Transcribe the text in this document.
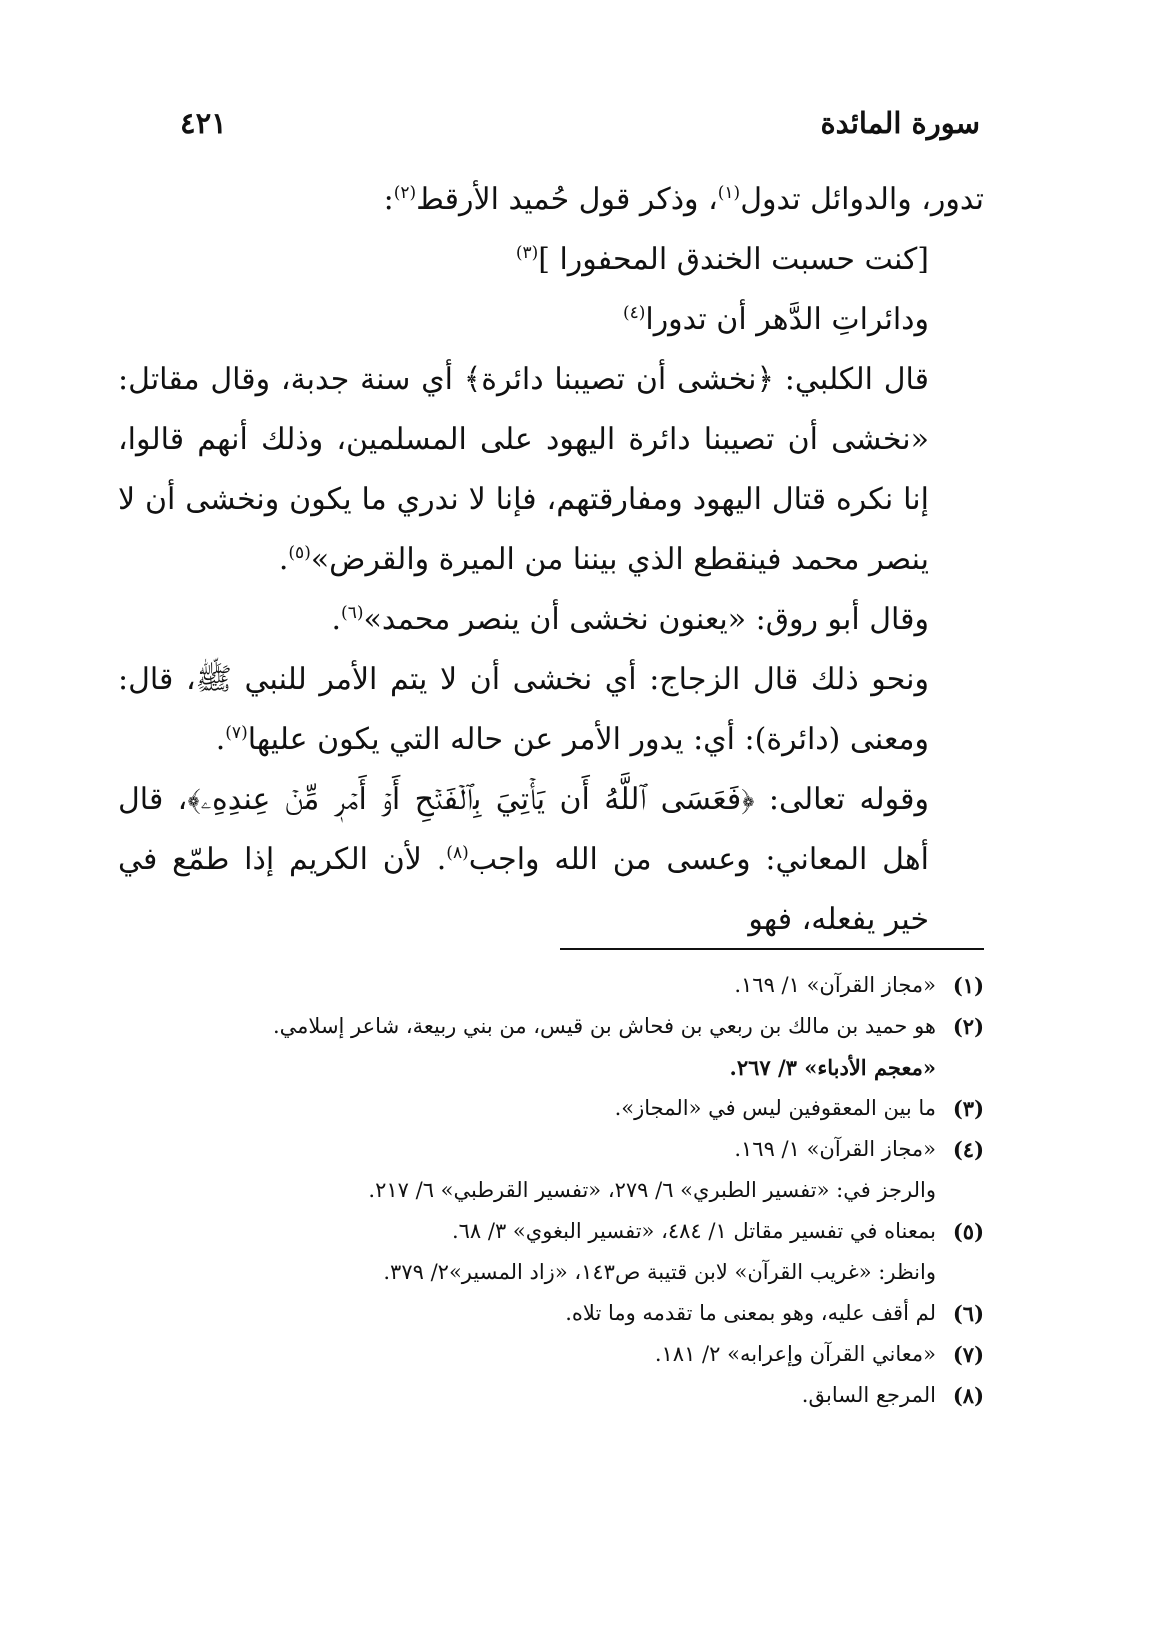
سورة المائدة
٤٢١

تدور، والدوائل تدول$^{(١)}$، وذكر قول حُميد الأرقط$^{(٢)}$:

[كنت حسبت الخندق المحفورا ]$^{(٣)}$

ودائراتِ الدَّهر أن تدورا$^{(٤)}$

قال الكلبي: ﴿نخشى أن تصيبنا دائرة﴾ أي سنة جدبة، وقال مقاتل: «نخشى أن تصيبنا دائرة اليهود على المسلمين، وذلك أنهم قالوا، إنا نكره قتال اليهود ومفارقتهم، فإنا لا ندري ما يكون ونخشى أن لا ينصر محمد فينقطع الذي بيننا من الميرة والقرض»$^{(٥)}$.

وقال أبو روق: «يعنون نخشى أن ينصر محمد»$^{(٦)}$.

ونحو ذلك قال الزجاج: أي نخشى أن لا يتم الأمر للنبي ﷺ، قال: ومعنى (دائرة): أي: يدور الأمر عن حاله التي يكون عليها$^{(٧)}$.

وقوله تعالى: ﴿فَعَسَى ٱللَّهُ أَن يَأۡتِيَ بِٱلۡفَتۡحِ أَوۡ أَمۡرٖ مِّنۡ عِندِهِۦ﴾، قال أهل المعاني: وعسى من الله واجب$^{(٨)}$. لأن الكريم إذا طمّع في خير يفعله، فهو

(١)
«مجاز القرآن» ١/ ١٦٩.
(٢)
هو حميد بن مالك بن ربعي بن فحاش بن قيس، من بني ربيعة، شاعر إسلامي.
«معجم الأدباء» ٣/ ٢٦٧.
(٣)
ما بين المعقوفين ليس في «المجاز».
(٤)
«مجاز القرآن» ١/ ١٦٩.
والرجز في: «تفسير الطبري» ٦/ ٢٧٩، «تفسير القرطبي» ٦/ ٢١٧.
(٥)
بمعناه في تفسير مقاتل ١/ ٤٨٤، «تفسير البغوي» ٣/ ٦٨.
وانظر: «غريب القرآن» لابن قتيبة ص١٤٣، «زاد المسير»٢/ ٣٧٩.
(٦)
لم أقف عليه، وهو بمعنى ما تقدمه وما تلاه.
(٧)
«معاني القرآن وإعرابه» ٢/ ١٨١.
(٨)
المرجع السابق.
